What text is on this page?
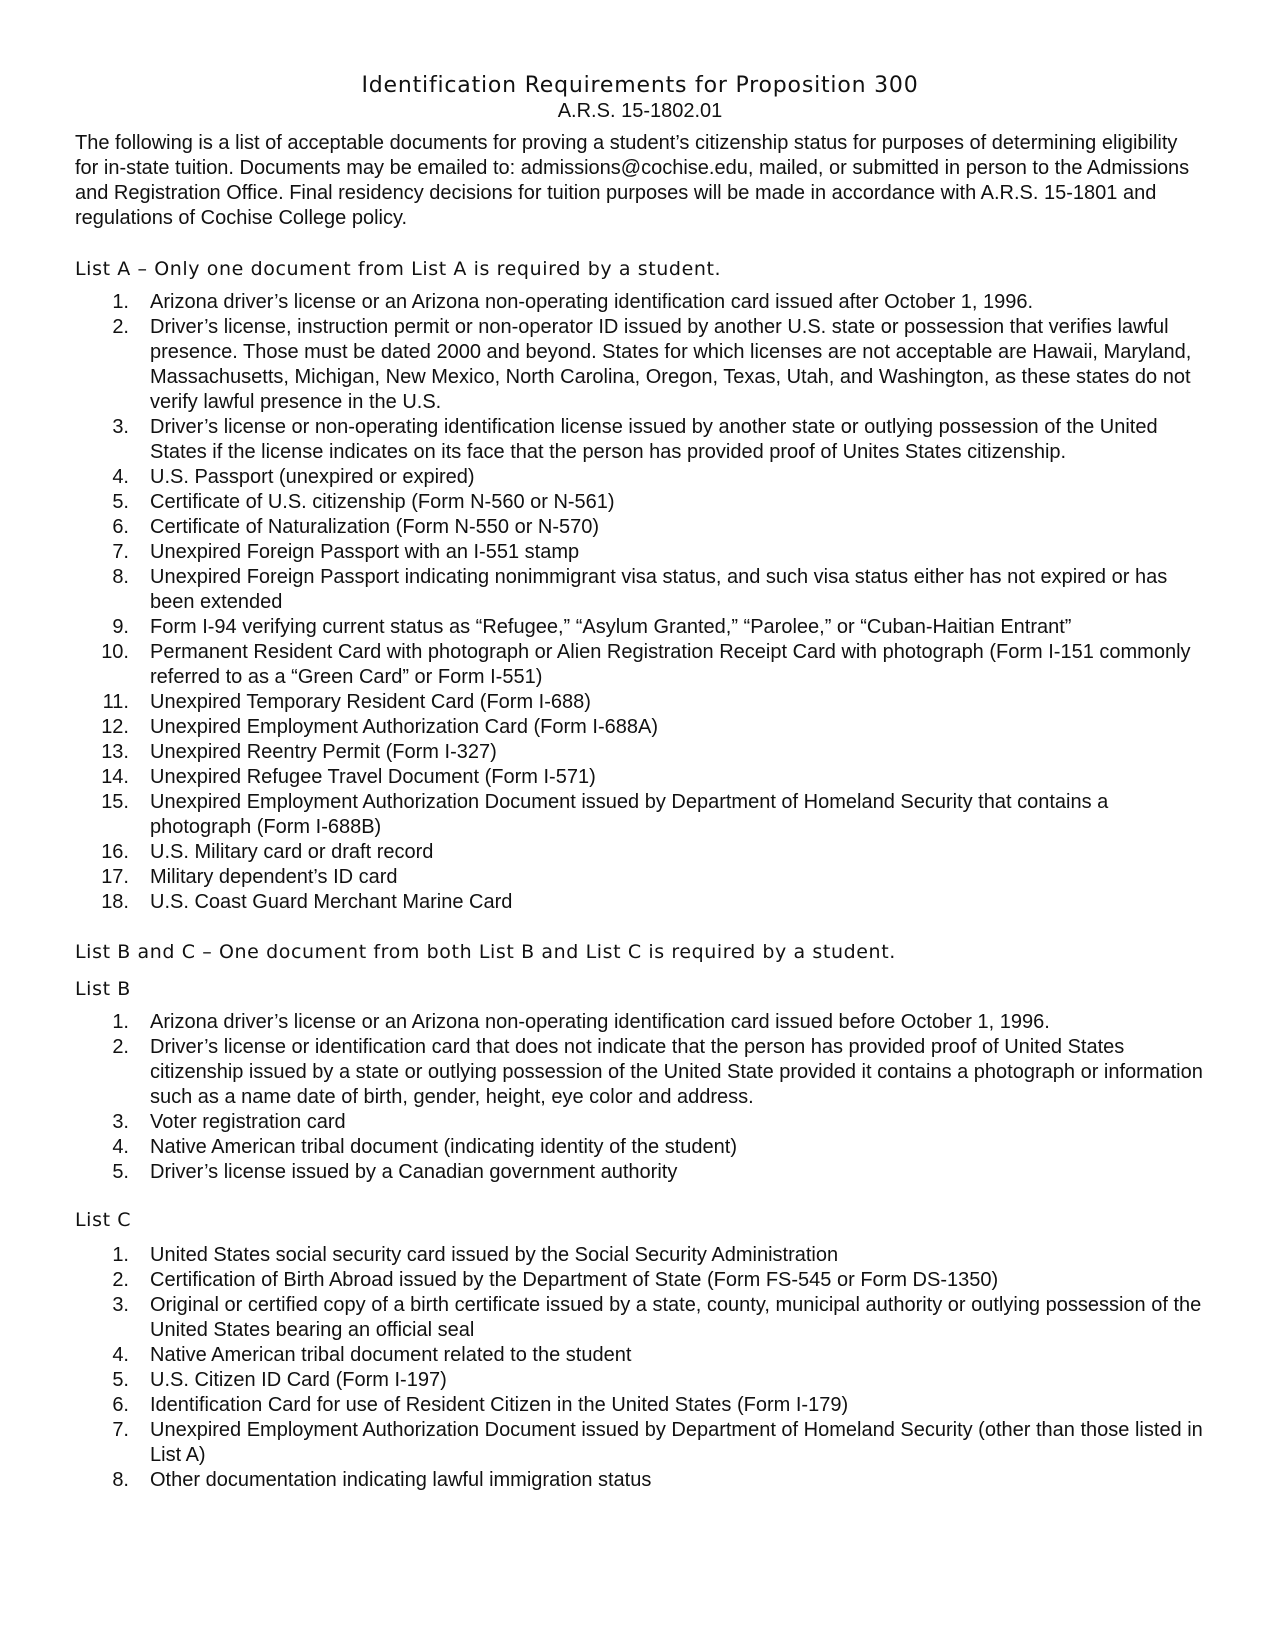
Identification Requirements for Proposition 300
A.R.S. 15-1802.01

The following is a list of acceptable documents for proving a student’s citizenship status for purposes of determining eligibility for in-state tuition. Documents may be emailed to: admissions@cochise.edu, mailed, or submitted in person to the Admissions and Registration Office. Final residency decisions for tuition purposes will be made in accordance with A.R.S. 15-1801 and regulations of Cochise College policy.

List A – Only one document from List A is required by a student.
1. Arizona driver’s license or an Arizona non-operating identification card issued after October 1, 1996.
2. Driver’s license, instruction permit or non-operator ID issued by another U.S. state or possession that verifies lawful presence. Those must be dated 2000 and beyond. States for which licenses are not acceptable are Hawaii, Maryland, Massachusetts, Michigan, New Mexico, North Carolina, Oregon, Texas, Utah, and Washington, as these states do not verify lawful presence in the U.S.
3. Driver’s license or non-operating identification license issued by another state or outlying possession of the United States if the license indicates on its face that the person has provided proof of Unites States citizenship.
4. U.S. Passport (unexpired or expired)
5. Certificate of U.S. citizenship (Form N-560 or N-561)
6. Certificate of Naturalization (Form N-550 or N-570)
7. Unexpired Foreign Passport with an I-551 stamp
8. Unexpired Foreign Passport indicating nonimmigrant visa status, and such visa status either has not expired or has been extended
9. Form I-94 verifying current status as “Refugee,” “Asylum Granted,” “Parolee,” or “Cuban-Haitian Entrant”
10. Permanent Resident Card with photograph or Alien Registration Receipt Card with photograph (Form I-151 commonly referred to as a “Green Card” or Form I-551)
11. Unexpired Temporary Resident Card (Form I-688)
12. Unexpired Employment Authorization Card (Form I-688A)
13. Unexpired Reentry Permit (Form I-327)
14. Unexpired Refugee Travel Document (Form I-571)
15. Unexpired Employment Authorization Document issued by Department of Homeland Security that contains a photograph (Form I-688B)
16. U.S. Military card or draft record
17. Military dependent’s ID card
18. U.S. Coast Guard Merchant Marine Card
List B and C – One document from both List B and List C is required by a student.
List B
1. Arizona driver’s license or an Arizona non-operating identification card issued before October 1, 1996.
2. Driver’s license or identification card that does not indicate that the person has provided proof of United States citizenship issued by a state or outlying possession of the United State provided it contains a photograph or information such as a name date of birth, gender, height, eye color and address.
3. Voter registration card
4. Native American tribal document (indicating identity of the student)
5. Driver’s license issued by a Canadian government authority
List C
1. United States social security card issued by the Social Security Administration
2. Certification of Birth Abroad issued by the Department of State (Form FS-545 or Form DS-1350)
3. Original or certified copy of a birth certificate issued by a state, county, municipal authority or outlying possession of the United States bearing an official seal
4. Native American tribal document related to the student
5. U.S. Citizen ID Card (Form I-197)
6. Identification Card for use of Resident Citizen in the United States (Form I-179)
7. Unexpired Employment Authorization Document issued by Department of Homeland Security (other than those listed in List A)
8. Other documentation indicating lawful immigration status
